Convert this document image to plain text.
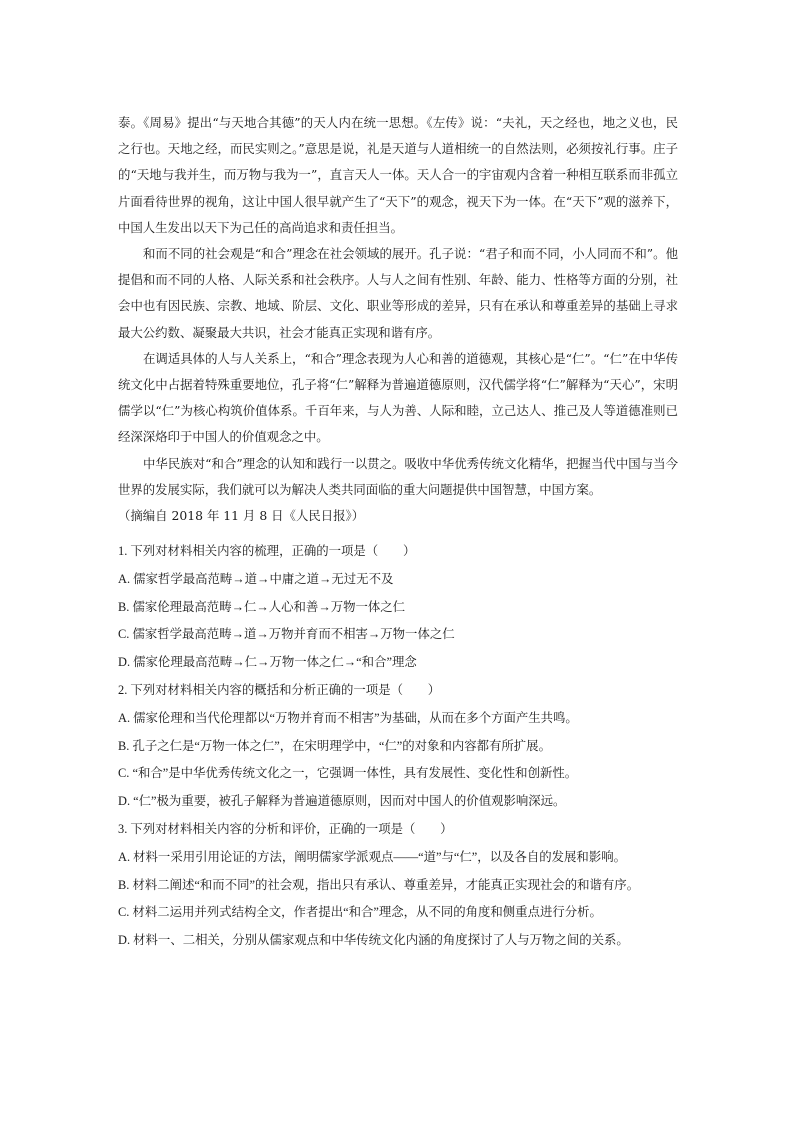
泰。《周易》提出“与天地合其德”的天人内在统一思想。《左传》说：“夫礼，天之经也，地之义也，民之行也。天地之经，而民实则之。”意思是说，礼是天道与人道相统一的自然法则，必须按礼行事。庄子的“天地与我并生，而万物与我为一”，直言天人一体。天人合一的宇宙观内含着一种相互联系而非孤立片面看待世界的视角，这让中国人很早就产生了“天下”的观念，视天下为一体。在“天下”观的滋养下，中国人生发出以天下为己任的高尚追求和责任担当。

和而不同的社会观是“和合”理念在社会领域的展开。孔子说：“君子和而不同，小人同而不和”。他提倡和而不同的人格、人际关系和社会秩序。人与人之间有性别、年龄、能力、性格等方面的分别，社会中也有因民族、宗教、地域、阶层、文化、职业等形成的差异，只有在承认和尊重差异的基础上寻求最大公约数、凝聚最大共识，社会才能真正实现和谐有序。

在调适具体的人与人关系上，“和合”理念表现为人心和善的道德观，其核心是“仁”。“仁”在中华传统文化中占据着特殊重要地位，孔子将“仁”解释为普遍道德原则，汉代儒学将“仁”解释为“天心”，宋明儒学以“仁”为核心构筑价值体系。千百年来，与人为善、人际和睦，立己达人、推己及人等道德准则已经深深烙印于中国人的价值观念之中。

中华民族对“和合”理念的认知和践行一以贯之。吸收中华优秀传统文化精华，把握当代中国与当今世界的发展实际，我们就可以为解决人类共同面临的重大问题提供中国智慧，中国方案。

（摘编自 2018 年 11 月 8 日《人民日报》）

1. 下列对材料相关内容的梳理，正确的一项是（　　）

A. 儒家哲学最高范畴→道→中庸之道→无过无不及

B. 儒家伦理最高范畴→仁→人心和善→万物一体之仁

C. 儒家哲学最高范畴→道→万物并育而不相害→万物一体之仁

D. 儒家伦理最高范畴→仁→万物一体之仁→“和合”理念

2. 下列对材料相关内容的概括和分析正确的一项是（　　）

A. 儒家伦理和当代伦理都以“万物并育而不相害”为基础，从而在多个方面产生共鸣。

B. 孔子之仁是“万物一体之仁”，在宋明理学中，“仁”的对象和内容都有所扩展。

C. “和合”是中华优秀传统文化之一，它强调一体性，具有发展性、变化性和创新性。

D. “仁”极为重要，被孔子解释为普遍道德原则，因而对中国人的价值观影响深远。

3. 下列对材料相关内容的分析和评价，正确的一项是（　　）

A. 材料一采用引用论证的方法，阐明儒家学派观点——“道”与“仁”，以及各自的发展和影响。

B. 材料二阐述“和而不同”的社会观，指出只有承认、尊重差异，才能真正实现社会的和谐有序。

C. 材料二运用并列式结构全文，作者提出“和合”理念，从不同的角度和侧重点进行分析。

D. 材料一、二相关，分别从儒家观点和中华传统文化内涵的角度探讨了人与万物之间的关系。
